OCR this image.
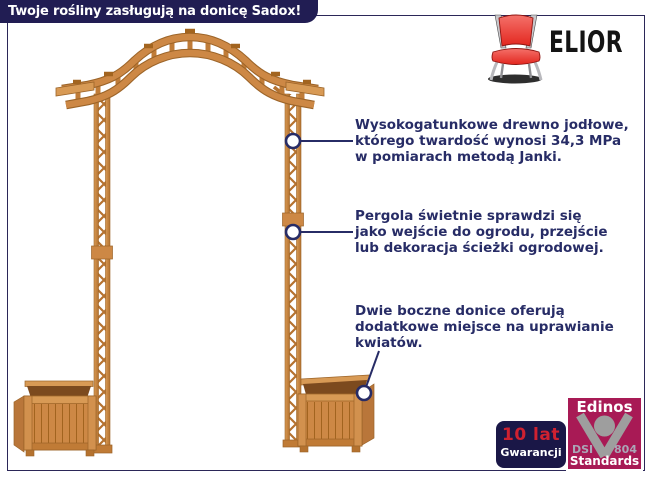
Twoje rośliny zasługują na donicę Sadox!
ELIOR
Wysokogatunkowe drewno jodłowe,
którego twardość wynosi 34,3 MPa
w pomiarach metodą Janki.
Pergola świetnie sprawdzi się
jako wejście do ogrodu, przejście
lub dekoracja ścieżki ogrodowej.
Dwie boczne donice oferują
dodatkowe miejsce na uprawianie
kwiatów.
10 lat
Gwarancji
Edinos
DSI 804
Standards
